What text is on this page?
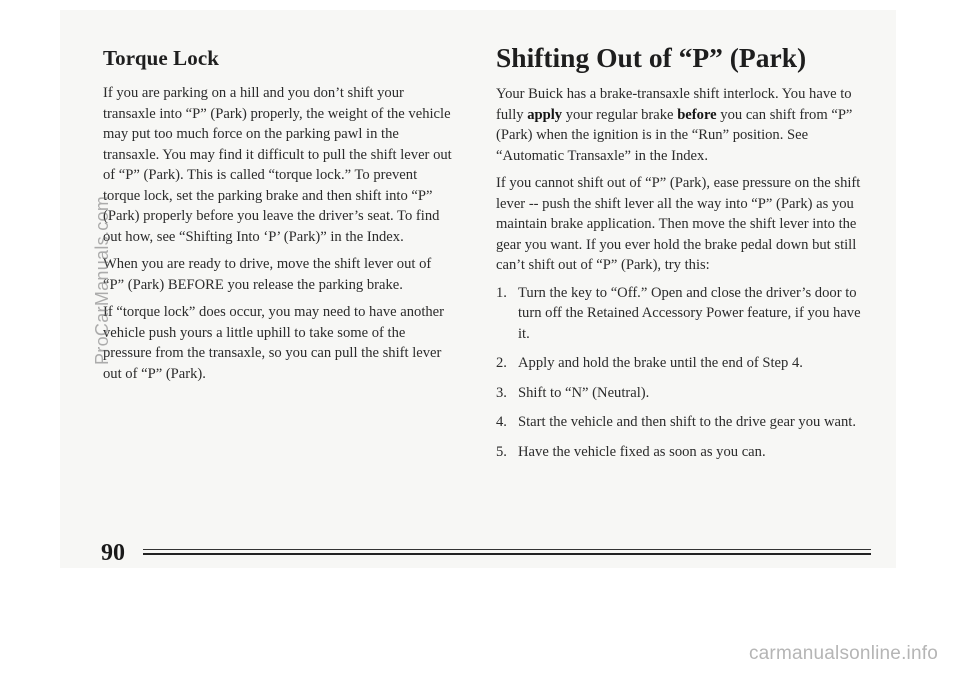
Torque Lock

If you are parking on a hill and you don’t shift your transaxle into “P” (Park) properly, the weight of the vehicle may put too much force on the parking pawl in the transaxle. You may find it difficult to pull the shift lever out of “P” (Park). This is called “torque lock.” To prevent torque lock, set the parking brake and then shift into “P” (Park) properly before you leave the driver’s seat. To find out how, see “Shifting Into ‘P’ (Park)” in the Index.

When you are ready to drive, move the shift lever out of “P” (Park) BEFORE you release the parking brake.

If “torque lock” does occur, you may need to have another vehicle push yours a little uphill to take some of the pressure from the transaxle, so you can pull the shift lever out of “P” (Park).

Shifting Out of “P” (Park)

Your Buick has a brake-transaxle shift interlock. You have to fully apply your regular brake before you can shift from “P” (Park) when the ignition is in the “Run” position. See “Automatic Transaxle” in the Index.

If you cannot shift out of “P” (Park), ease pressure on the shift lever -- push the shift lever all the way into “P” (Park) as you maintain brake application. Then move the shift lever into the gear you want. If you ever hold the brake pedal down but still can’t shift out of “P” (Park), try this:

1. Turn the key to “Off.” Open and close the driver’s door to turn off the Retained Accessory Power feature, if you have it.
2. Apply and hold the brake until the end of Step 4.
3. Shift to “N” (Neutral).
4. Start the vehicle and then shift to the drive gear you want.
5. Have the vehicle fixed as soon as you can.
90
ProCarManuals.com
carmanualsonline.info
